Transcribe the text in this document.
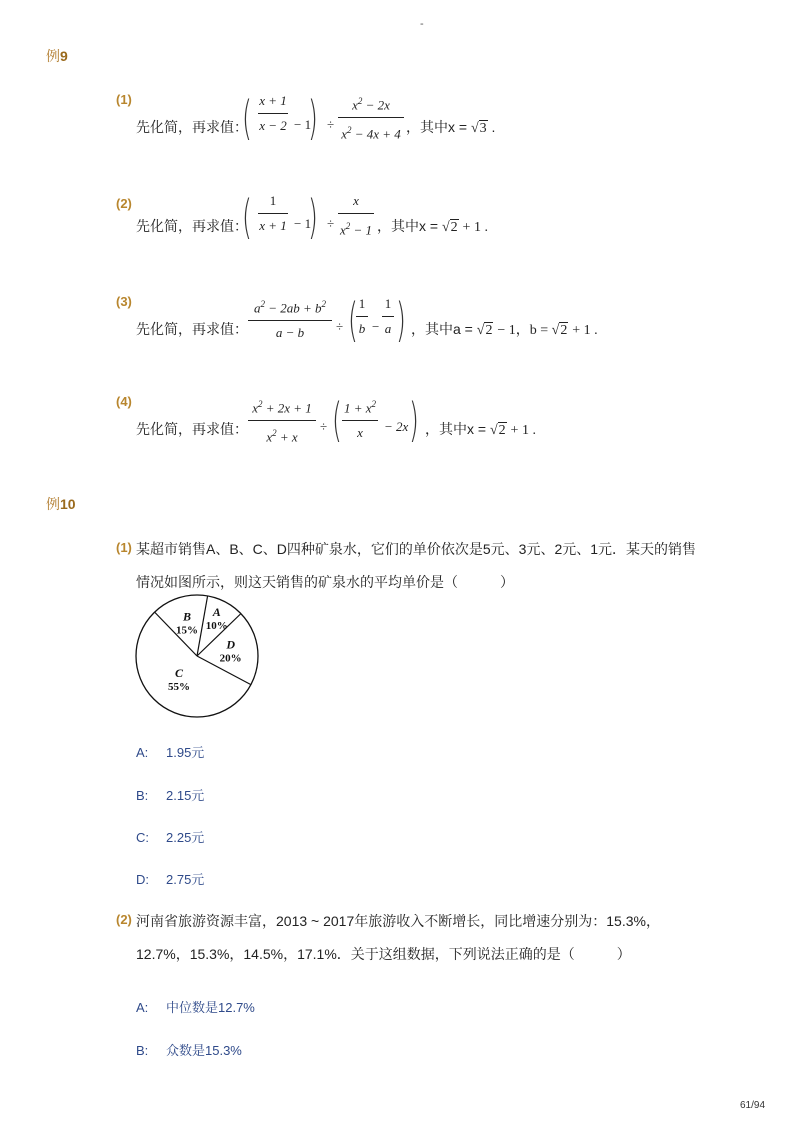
-
例9
(1)
先化简，再求值：
( x + 1
x − 2 − 1
) ÷
$x^2 - 2x$
$x^2 - 4x + 4$ ，其中x = √3 .
(2)
先化简，再求值：
(	1
x + 1 − 1
) ÷
x
$x^2 - 1$ ，其中x = √2 + 1 .
(3)
先化简，再求值：
$a^2 - 2ab + b^2$
a − b	÷ ( 1
b −
1
a ) ，其中a = √2 − 1，b = √2 + 1 .
(4)
先化简，再求值：
$x^2 + 2x + 1$
$x^2 + x$
÷ ( $1 + x^2$
x	− 2x ) ，其中x = √2 + 1 .
例10
(1) 某超市销售A、B、C、D四种矿泉水，它们的单价依次是5元、3元、2元、1元．某天的销售
情况如图所示，则这天销售的矿泉水的平均单价是（　　　）
A
10%
D
20%
C
55%
B
15%
A: 1.95元
B: 2.15元
C: 2.25元
D: 2.75元
(2) 河南省旅游资源丰富，2013 ~ 2017年旅游收入不断增长，同比增速分别为：15.3%，
12.7%，15.3%，14.5%，17.1%．关于这组数据，下列说法正确的是（　　　）
A: 中位数是12.7%
B: 众数是15.3%
61/94
